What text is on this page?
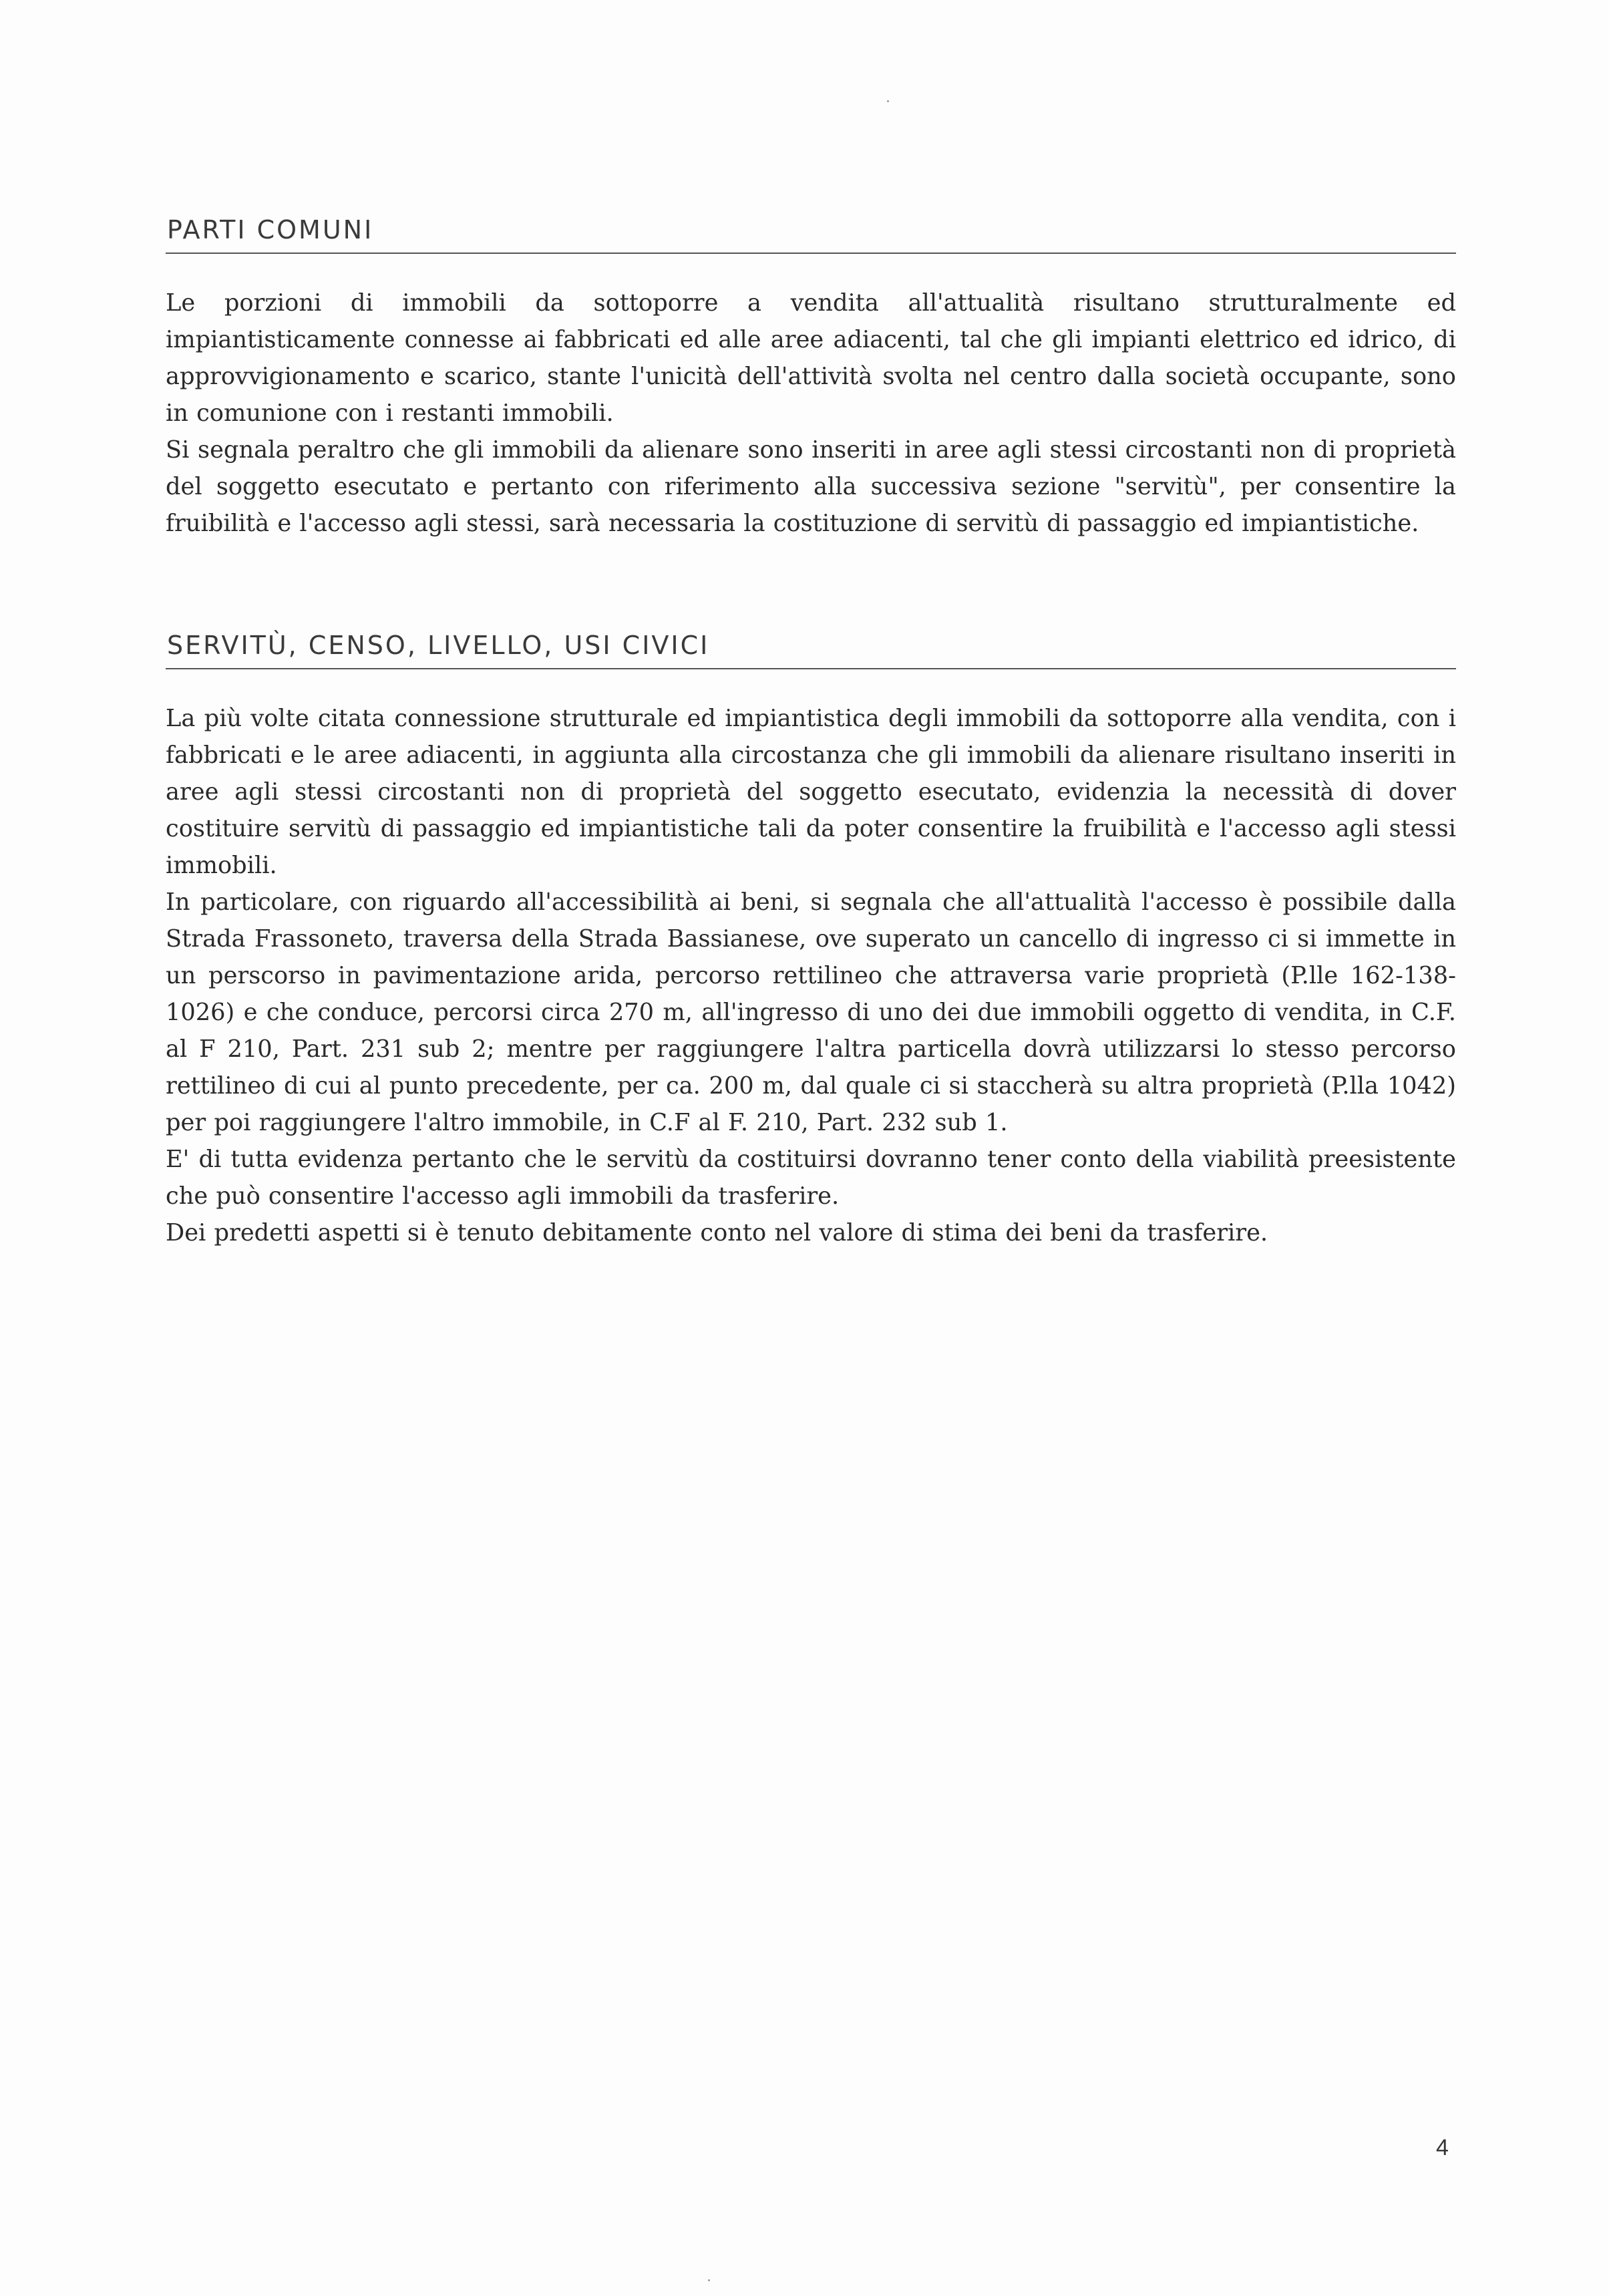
PARTI COMUNI

Le porzioni di immobili da sottoporre a vendita all'attualità risultano strutturalmente ed impiantisticamente connesse ai fabbricati ed alle aree adiacenti, tal che gli impianti elettrico ed idrico, di approvvigionamento e scarico, stante l'unicità dell'attività svolta nel centro dalla società occupante, sono in comunione con i restanti immobili.

Si segnala peraltro che gli immobili da alienare sono inseriti in aree agli stessi circostanti non di proprietà del soggetto esecutato e pertanto con riferimento alla successiva sezione "servitù", per consentire la fruibilità e l'accesso agli stessi, sarà necessaria la costituzione di servitù di passaggio ed impiantistiche.

SERVITÙ, CENSO, LIVELLO, USI CIVICI

La più volte citata connessione strutturale ed impiantistica degli immobili da sottoporre alla vendita, con i fabbricati e le aree adiacenti, in aggiunta alla circostanza che gli immobili da alienare risultano inseriti in aree agli stessi circostanti non di proprietà del soggetto esecutato, evidenzia la necessità di dover costituire servitù di passaggio ed impiantistiche tali da poter consentire la fruibilità e l'accesso agli stessi immobili.

In particolare, con riguardo all'accessibilità ai beni, si segnala che all'attualità l'accesso è possibile dalla Strada Frassoneto, traversa della Strada Bassianese, ove superato un cancello di ingresso ci si immette in un perscorso in pavimentazione arida, percorso rettilineo che attraversa varie proprietà (P.lle 162-138-1026) e che conduce, percorsi circa 270 m, all'ingresso di uno dei due immobili oggetto di vendita, in C.F. al F 210, Part. 231 sub 2; mentre per raggiungere l'altra particella dovrà utilizzarsi lo stesso percorso rettilineo di cui al punto precedente, per ca. 200 m, dal quale ci si staccherà su altra proprietà (P.lla 1042) per poi raggiungere l'altro immobile, in C.F al F. 210, Part. 232 sub 1.

E' di tutta evidenza pertanto che le servitù da costituirsi dovranno tener conto della viabilità preesistente che può consentire l'accesso agli immobili da trasferire.

Dei predetti aspetti si è tenuto debitamente conto nel valore di stima dei beni da trasferire.

4
